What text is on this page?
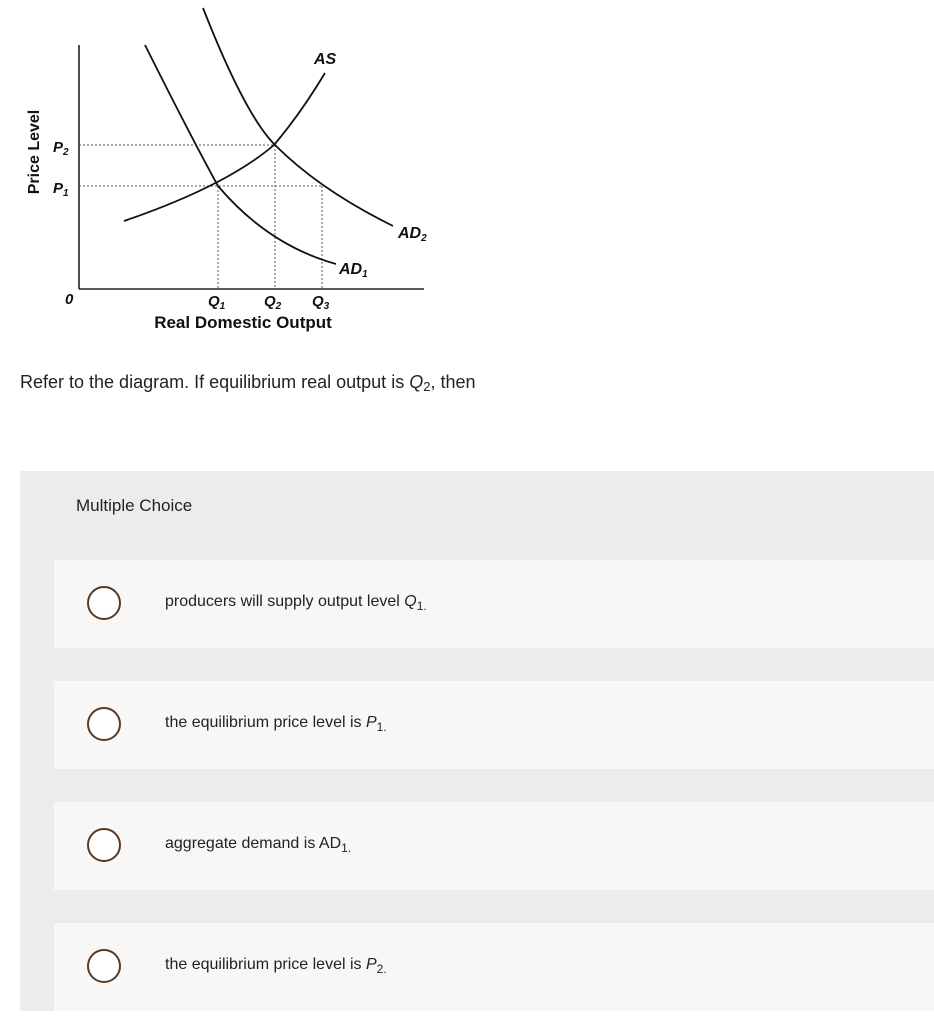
Price Level $P_2$
$P_1$
0	$Q_1$	$Q_2$ $Q_3$
Real Domestic Output
AS
AD2
AD1
Refer to the diagram. If equilibrium real output is $Q_2$, then
Multiple Choice
producers will supply output level $Q_{1.}$
the equilibrium price level is $P_{1.}$
aggregate demand is $AD_{1.}$
the equilibrium price level is $P_{2.}$
